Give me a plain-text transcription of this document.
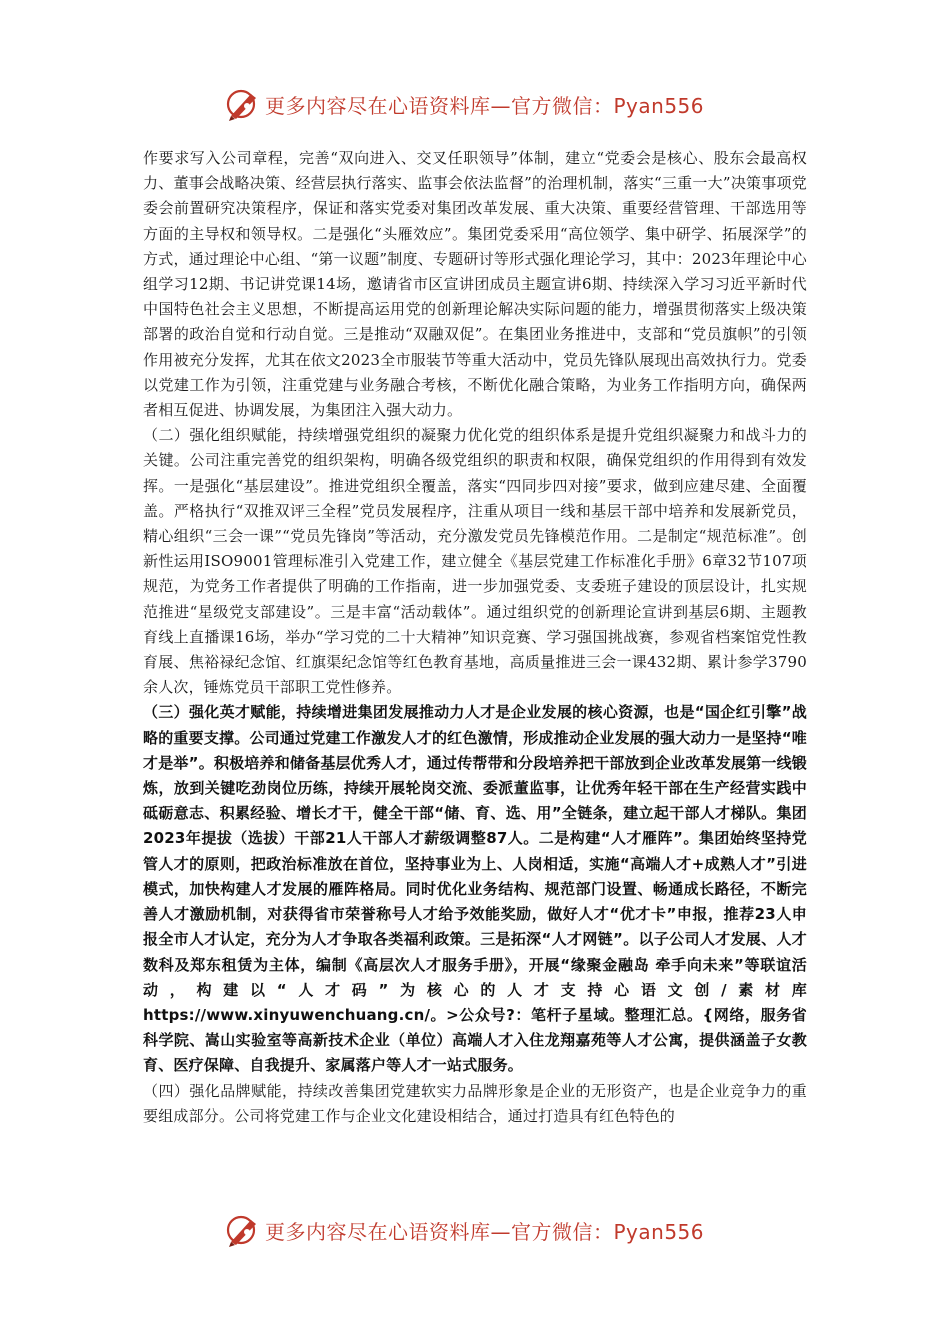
更多内容尽在心语资料库—官方微信：Pyan556

作要求写入公司章程，完善“双向进入、交叉任职领导”体制，建立“党委会是核心、股东会最高权力、董事会战略决策、经营层执行落实、监事会依法监督”的治理机制，落实“三重一大”决策事项党委会前置研究决策程序，保证和落实党委对集团改革发展、重大决策、重要经营管理、干部选用等方面的主导权和领导权。二是强化“头雁效应”。集团党委采用“高位领学、集中研学、拓展深学”的方式，通过理论中心组、“第一议题”制度、专题研讨等形式强化理论学习，其中：2023年理论中心组学习12期、书记讲党课14场，邀请省市区宣讲团成员主题宣讲6期、持续深入学习习近平新时代中国特色社会主义思想，不断提高运用党的创新理论解决实际问题的能力，增强贯彻落实上级决策部署的政治自觉和行动自觉。三是推动“双融双促”。在集团业务推进中，支部和“党员旗帜”的引领作用被充分发挥，尤其在依文2023全市服装节等重大活动中，党员先锋队展现出高效执行力。党委以党建工作为引领，注重党建与业务融合考核，不断优化融合策略，为业务工作指明方向，确保两者相互促进、协调发展，为集团注入强大动力。

（二）强化组织赋能，持续增强党组织的凝聚力优化党的组织体系是提升党组织凝聚力和战斗力的关键。公司注重完善党的组织架构，明确各级党组织的职责和权限，确保党组织的作用得到有效发挥。一是强化“基层建设”。推进党组织全覆盖，落实“四同步四对接”要求，做到应建尽建、全面覆盖。严格执行“双推双评三全程”党员发展程序，注重从项目一线和基层干部中培养和发展新党员，精心组织“三会一课”“党员先锋岗”等活动，充分激发党员先锋模范作用。二是制定“规范标准”。创新性运用ISO9001管理标准引入党建工作，建立健全《基层党建工作标准化手册》6章32节107项规范，为党务工作者提供了明确的工作指南，进一步加强党委、支委班子建设的顶层设计，扎实规范推进“星级党支部建设”。三是丰富“活动载体”。通过组织党的创新理论宣讲到基层6期、主题教育线上直播课16场，举办“学习党的二十大精神”知识竞赛、学习强国挑战赛，参观省档案馆党性教育展、焦裕禄纪念馆、红旗渠纪念馆等红色教育基地，高质量推进三会一课432期、累计参学3790余人次，锤炼党员干部职工党性修养。

（三）强化英才赋能，持续增进集团发展推动力人才是企业发展的核心资源，也是“国企红引擎”战略的重要支撑。公司通过党建工作激发人才的红色激情，形成推动企业发展的强大动力一是坚持“唯才是举”。积极培养和储备基层优秀人才，通过传帮带和分段培养把干部放到企业改革发展第一线锻炼，放到关键吃劲岗位历练，持续开展轮岗交流、委派董监事，让优秀年轻干部在生产经营实践中砥砺意志、积累经验、增长才干，健全干部“储、育、选、用”全链条，建立起干部人才梯队。集团2023年提拔（选拔）干部21人干部人才薪级调整87人。二是构建“人才雁阵”。集团始终坚持党管人才的原则，把政治标准放在首位，坚持事业为上、人岗相适，实施“高端人才+成熟人才”引进模式，加快构建人才发展的雁阵格局。同时优化业务结构、规范部门设置、畅通成长路径，不断完善人才激励机制，对获得省市荣誉称号人才给予效能奖励，做好人才“优才卡”申报，推荐23人申报全市人才认定，充分为人才争取各类福利政策。三是拓深“人才网链”。以子公司人才发展、人才数科及郑东租赁为主体，编制《高层次人才服务手册》，开展“缘聚金融岛 牵手向未来”等联谊活动，构建以“人才码”为核心的人才支持心语文创/素材库https://www.xinyuwenchuang.cn/。>公众号?：笔杆子星域。整理汇总。{网络，服务省科学院、嵩山实验室等高新技术企业（单位）高端人才入住龙翔嘉苑等人才公寓，提供涵盖子女教育、医疗保障、自我提升、家属落户等人才一站式服务。

（四）强化品牌赋能，持续改善集团党建软实力品牌形象是企业的无形资产，也是企业竞争力的重要组成部分。公司将党建工作与企业文化建设相结合，通过打造具有红色特色的

更多内容尽在心语资料库—官方微信：Pyan556
